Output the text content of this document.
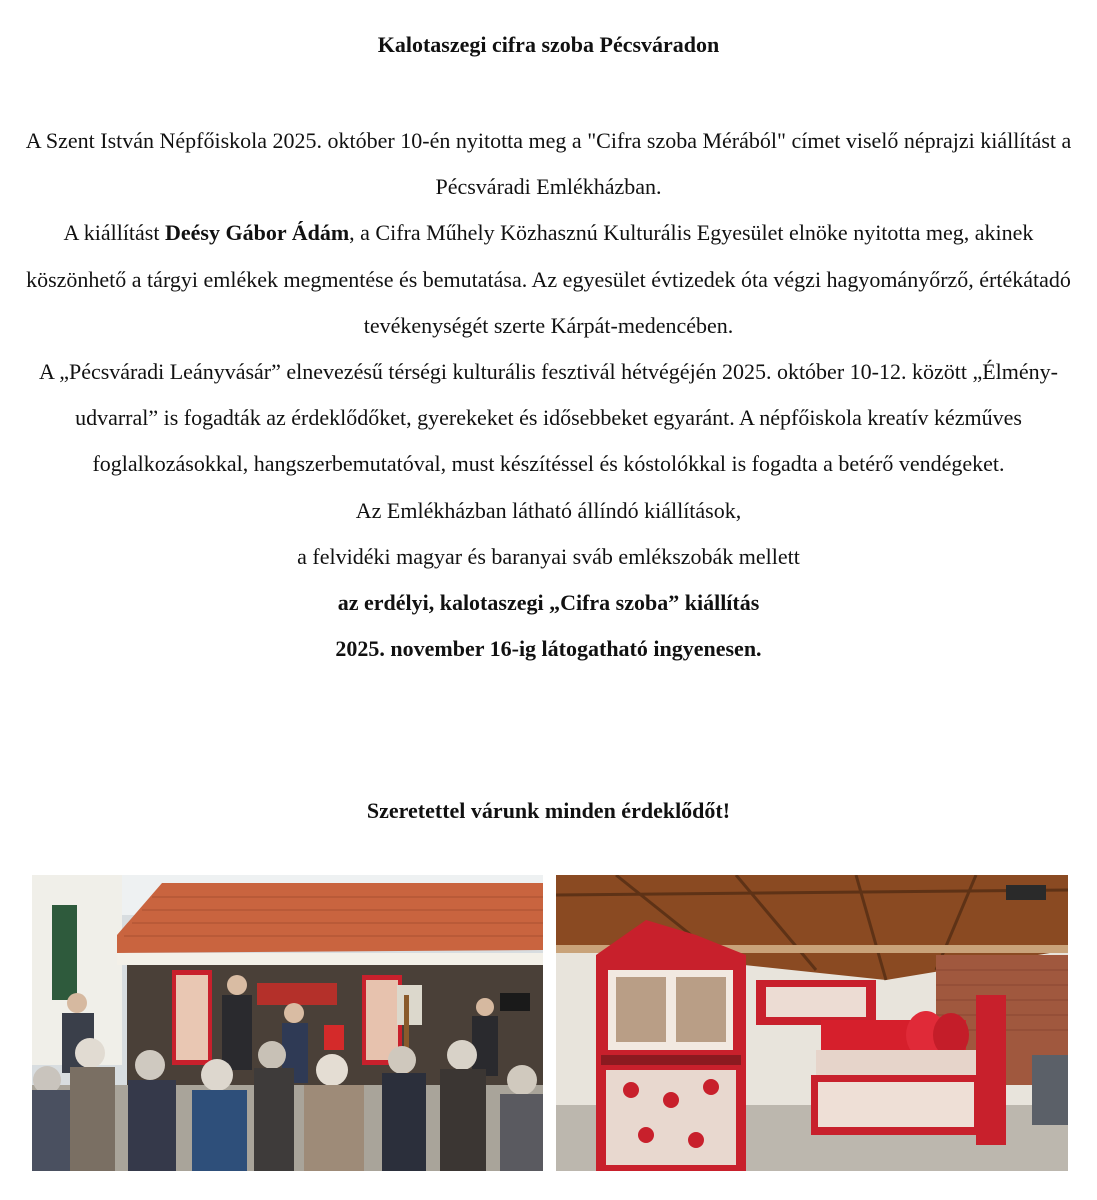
Kalotaszegi cifra szoba Pécsváradon

A Szent István Népfőiskola 2025. október 10-én nyitotta meg a "Cifra szoba Mérából" címet viselő néprajzi kiállítást a Pécsváradi Emlékházban.

A kiállítást Deésy Gábor Ádám, a Cifra Műhely Közhasznú Kulturális Egyesület elnöke nyitotta meg, akinek köszönhető a tárgyi emlékek megmentése és bemutatása. Az egyesület évtizedek óta végzi hagyományőrző, értékátadó tevékenységét szerte Kárpát-medencében.

A „Pécsváradi Leányvásár” elnevezésű térségi kulturális fesztivál hétvégéjén 2025. október 10-12. között „Élmény-udvarral” is fogadták az érdeklődőket, gyerekeket és idősebbeket egyaránt. A népfőiskola kreatív kézműves foglalkozásokkal, hangszerbemutatóval, must készítéssel és kóstolókkal is fogadta a betérő vendégeket.

Az Emlékházban látható állíndó kiállítások,

a felvidéki magyar és baranyai sváb emlékszobák mellett

az erdélyi, kalotaszegi „Cifra szoba” kiállítás

2025. november 16-ig látogatható ingyenesen.

Szeretettel várunk minden érdeklődőt!
